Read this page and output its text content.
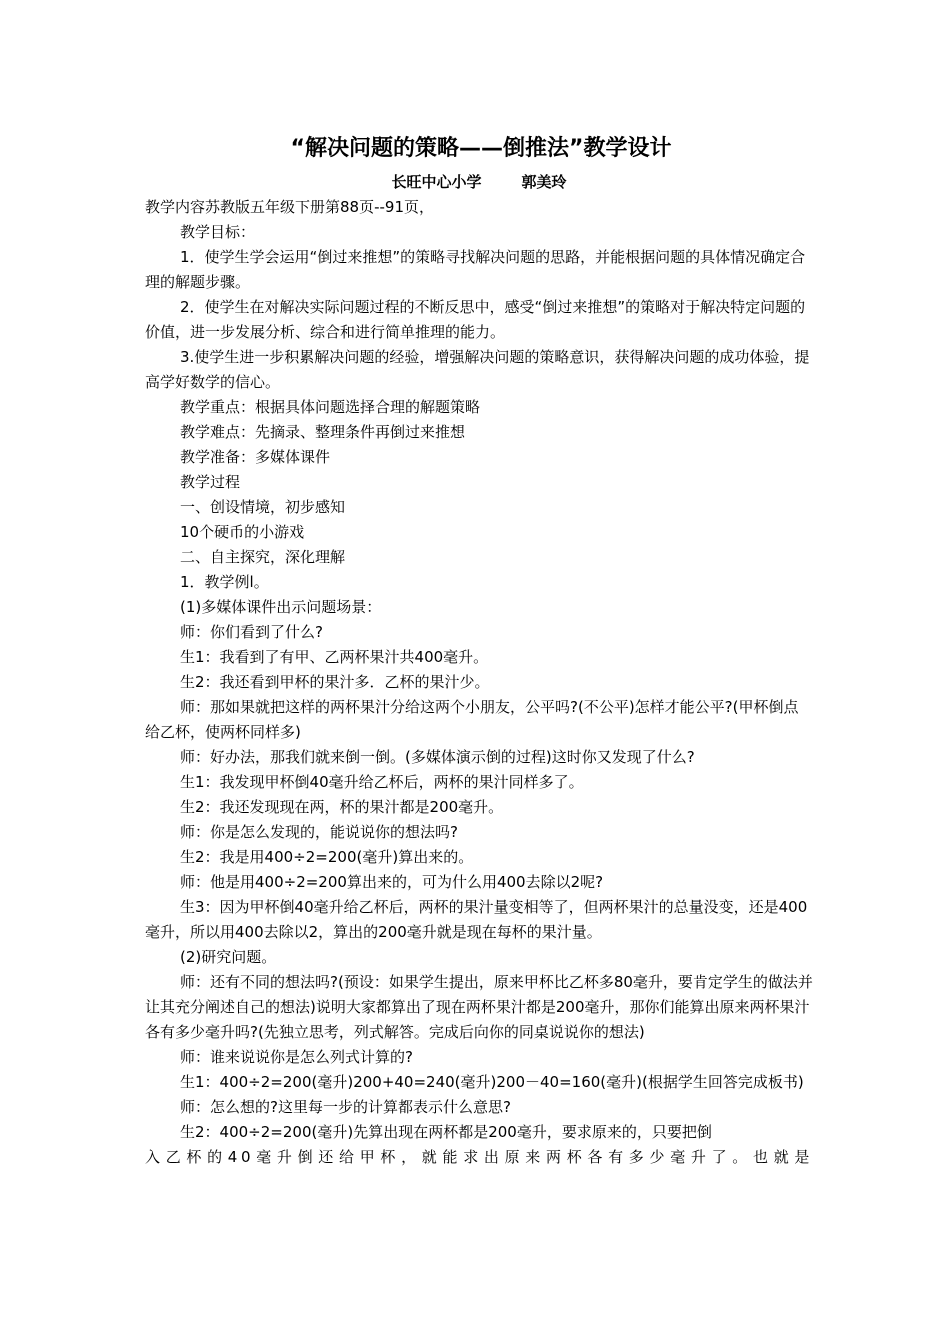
“解决问题的策略——倒推法”教学设计
长旺中心小学	郭美玲

教学内容苏教版五年级下册第88页--91页，

教学目标：

1．使学生学会运用“倒过来推想”的策略寻找解决问题的思路，并能根据问题的具体情况确定合理的解题步骤。

2．使学生在对解决实际问题过程的不断反思中，感受“倒过来推想”的策略对于解决特定问题的价值，进一步发展分析、综合和进行简单推理的能力。

3.使学生进一步积累解决问题的经验，增强解决问题的策略意识，获得解决问题的成功体验，提高学好数学的信心。

教学重点：根据具体问题选择合理的解题策略

教学难点：先摘录、整理条件再倒过来推想

教学准备：多媒体课件

教学过程

一、创设情境，初步感知

10个硬币的小游戏

二、自主探究，深化理解

1．教学例l。

(1)多媒体课件出示问题场景：

师：你们看到了什么?

生1：我看到了有甲、乙两杯果汁共400毫升。

生2：我还看到甲杯的果汁多．乙杯的果汁少。

师：那如果就把这样的两杯果汁分给这两个小朋友，公平吗?(不公平)怎样才能公平?(甲杯倒点给乙杯，使两杯同样多)

师：好办法，那我们就来倒一倒。(多媒体演示倒的过程)这时你又发现了什么?

生1：我发现甲杯倒40毫升给乙杯后，两杯的果汁同样多了。

生2：我还发现现在两，杯的果汁都是200毫升。

师：你是怎么发现的，能说说你的想法吗?

生2：我是用400÷2=200(毫升)算出来的。

师：他是用400÷2=200算出来的，可为什么用400去除以2呢?

生3：因为甲杯倒40毫升给乙杯后，两杯的果汁量变相等了，但两杯果汁的总量没变，还是400毫升，所以用400去除以2，算出的200毫升就是现在每杯的果汁量。

(2)研究问题。

师：还有不同的想法吗?(预设：如果学生提出，原来甲杯比乙杯多80毫升，要肯定学生的做法并让其充分阐述自己的想法)说明大家都算出了现在两杯果汁都是200毫升，那你们能算出原来两杯果汁各有多少毫升吗?(先独立思考，列式解答。完成后向你的同桌说说你的想法)

师：谁来说说你是怎么列式计算的?

生1：400÷2=200(毫升)200+40=240(毫升)200－40=160(毫升)(根据学生回答完成板书)

师：怎么想的?这里每一步的计算都表示什么意思?

生2：400÷2=200(毫升)先算出现在两杯都是200毫升，要求原来的，只要把倒

入乙杯的40毫升倒还给甲杯，就能求出原来两杯各有多少毫升了。也就是
